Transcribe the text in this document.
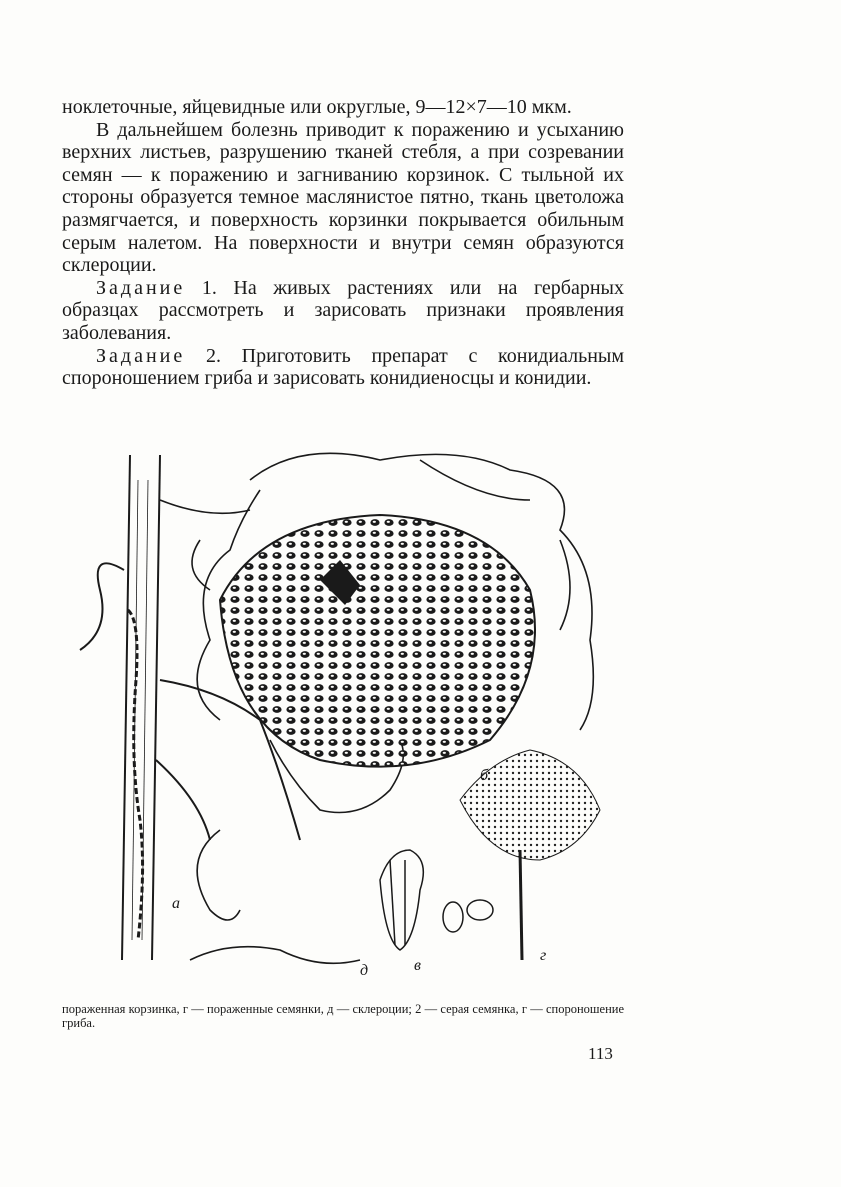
ноклеточные, яйцевидные или округлые, 9—12×7—10 мкм.

В дальнейшем болезнь приводит к поражению и усыханию верхних листьев, разрушению тканей стебля, а при созревании семян — к поражению и загниванию корзинок. С тыльной их стороны образуется темное маслянистое пятно, ткань цветоложа размягчается, и поверхность корзинки покрывается обильным серым налетом. На поверхности и внутри семян образуются склероции.

Задание 1. На живых растениях или на гербарных образцах рассмотреть и зарисовать признаки проявления заболевания.

Задание 2. Приготовить препарат с конидиальным спороношением гриба и зарисовать конидиеносцы и конидии.

а
б
в
г
д
пораженная корзинка, г — пораженные семянки, д — склероции; 2 — серая семянка, г — спороношение гриба.
113
